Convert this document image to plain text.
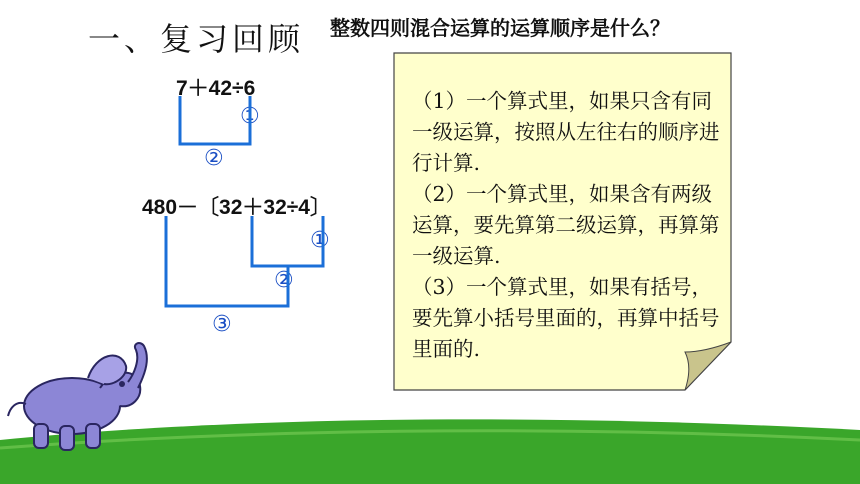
一、复习回顾 整数四则混合运算的运算顺序是什么？
7＋42÷6
①
②
480－〔32＋32÷4〕
①
②
③
（1）一个算式里，如果只含有同一级运算，按照从左往右的顺序进行计算.
（2）一个算式里，如果含有两级运算，要先算第二级运算，再算第一级运算.
（3）一个算式里，如果有括号，要先算小括号里面的，再算中括号里面的.
